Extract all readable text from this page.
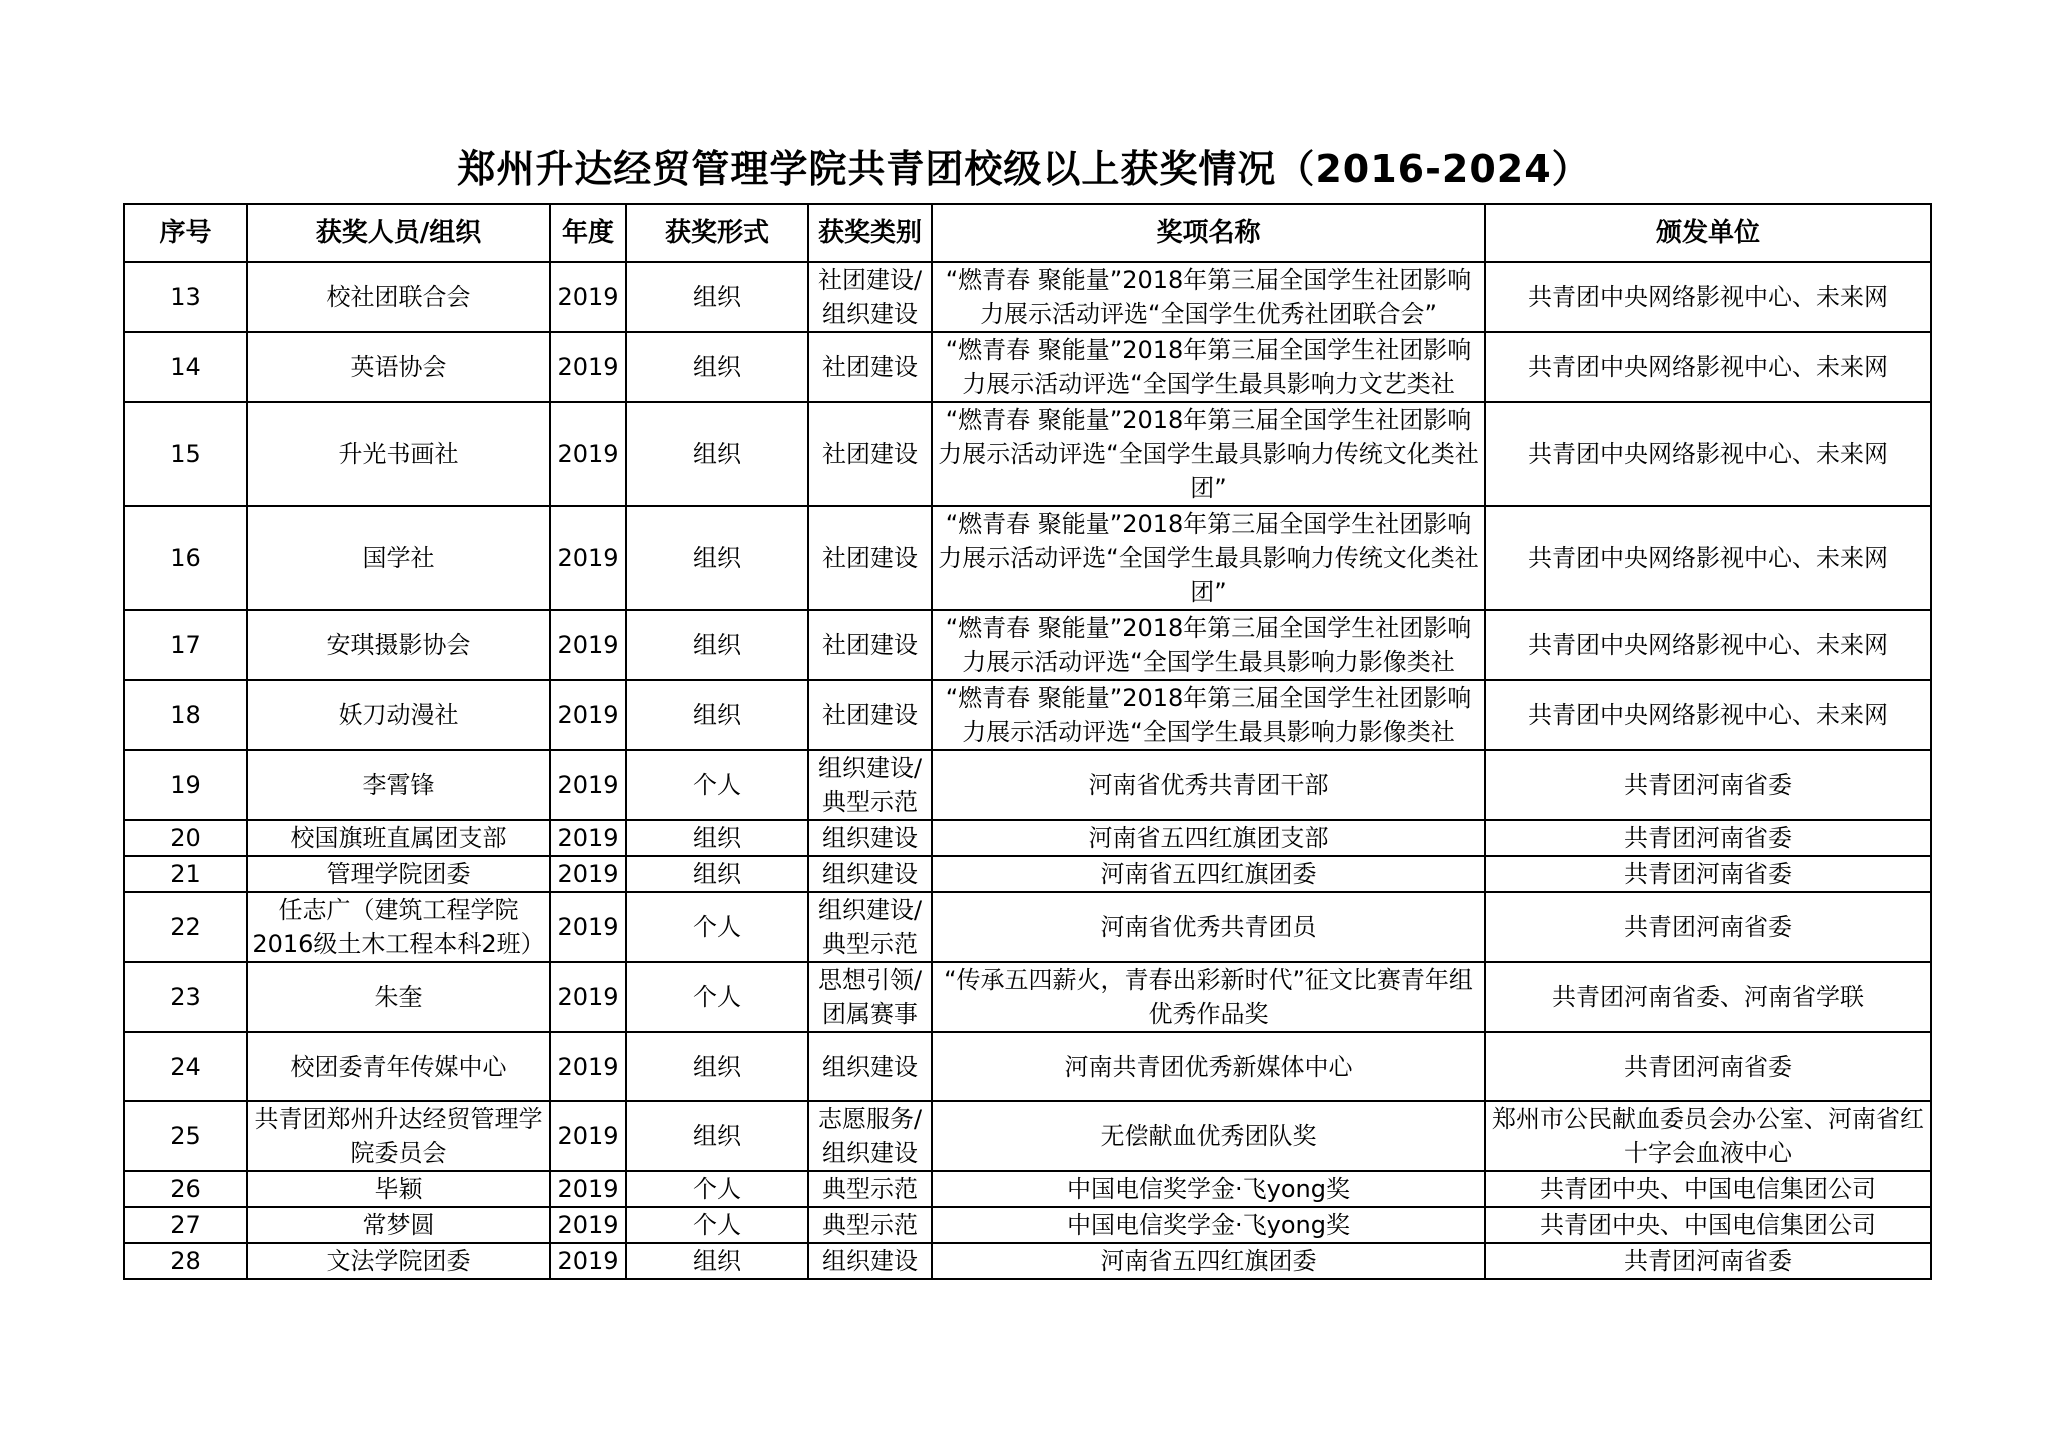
郑州升达经贸管理学院共青团校级以上获奖情况（2016-2024）
序号	获奖人员/组织	年度	获奖形式	获奖类别	奖项名称	颁发单位
13	校社团联合会	2019	组织	社团建设/组织建设	“燃青春 聚能量”2018年第三届全国学生社团影响力展示活动评选“全国学生优秀社团联合会”	共青团中央网络影视中心、未来网
14	英语协会	2019	组织	社团建设	“燃青春 聚能量”2018年第三届全国学生社团影响力展示活动评选“全国学生最具影响力文艺类社	共青团中央网络影视中心、未来网
15	升光书画社	2019	组织	社团建设	“燃青春 聚能量”2018年第三届全国学生社团影响力展示活动评选“全国学生最具影响力传统文化类社团”	共青团中央网络影视中心、未来网
16	国学社	2019	组织	社团建设	“燃青春 聚能量”2018年第三届全国学生社团影响力展示活动评选“全国学生最具影响力传统文化类社团”	共青团中央网络影视中心、未来网
17	安琪摄影协会	2019	组织	社团建设	“燃青春 聚能量”2018年第三届全国学生社团影响力展示活动评选“全国学生最具影响力影像类社	共青团中央网络影视中心、未来网
18	妖刀动漫社	2019	组织	社团建设	“燃青春 聚能量”2018年第三届全国学生社团影响力展示活动评选“全国学生最具影响力影像类社	共青团中央网络影视中心、未来网
19	李霄锋	2019	个人	组织建设/典型示范	河南省优秀共青团干部	共青团河南省委
20	校国旗班直属团支部	2019	组织	组织建设	河南省五四红旗团支部	共青团河南省委
21	管理学院团委	2019	组织	组织建设	河南省五四红旗团委	共青团河南省委
22	任志广（建筑工程学院2016级土木工程本科2班）	2019	个人	组织建设/典型示范	河南省优秀共青团员	共青团河南省委
23	朱奎	2019	个人	思想引领/团属赛事	“传承五四薪火，青春出彩新时代”征文比赛青年组优秀作品奖	共青团河南省委、河南省学联
24	校团委青年传媒中心	2019	组织	组织建设	河南共青团优秀新媒体中心	共青团河南省委
25	共青团郑州升达经贸管理学院委员会	2019	组织	志愿服务/组织建设	无偿献血优秀团队奖	郑州市公民献血委员会办公室、河南省红十字会血液中心
26	毕颖	2019	个人	典型示范	中国电信奖学金·飞yong奖	共青团中央、中国电信集团公司
27	常梦圆	2019	个人	典型示范	中国电信奖学金·飞yong奖	共青团中央、中国电信集团公司
28	文法学院团委	2019	组织	组织建设	河南省五四红旗团委	共青团河南省委
